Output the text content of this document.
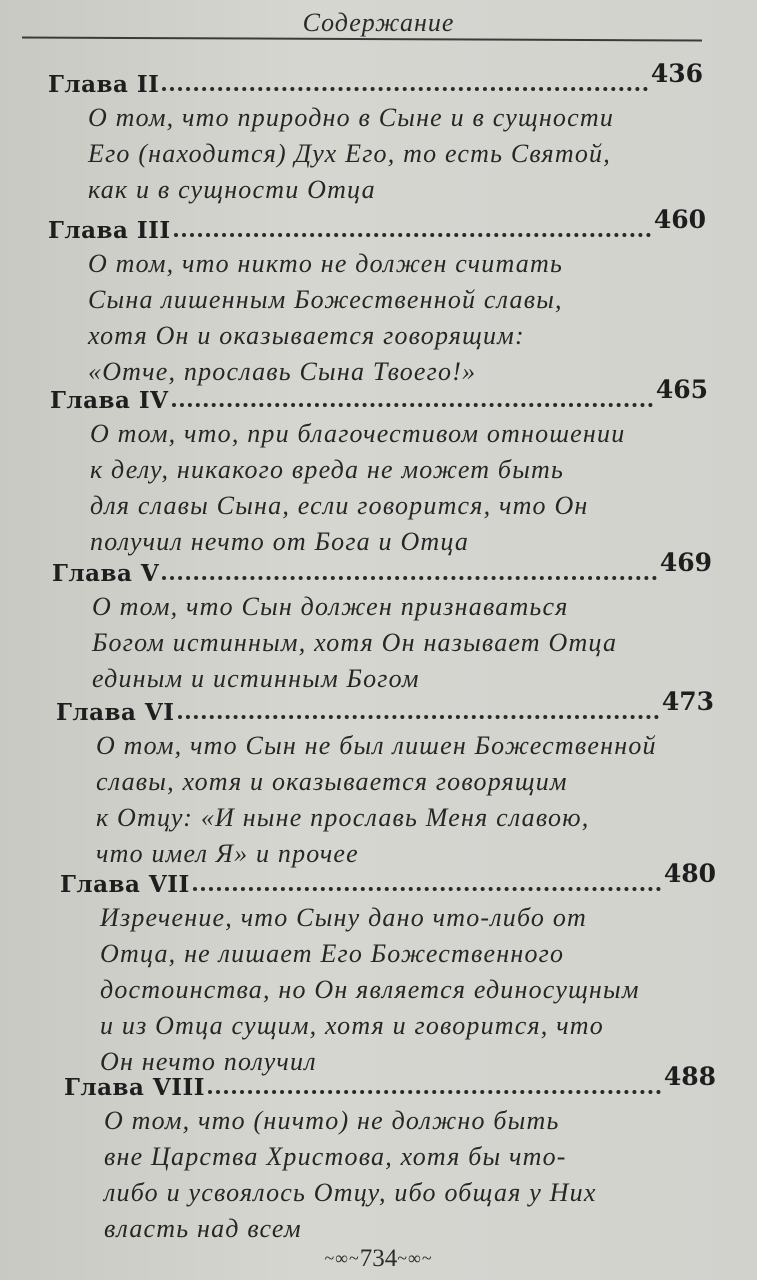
Содержание
Глава II	436
О том, что природно в Сыне и в сущности
Его (находится) Дух Его, то есть Святой,
как и в сущности Отца
Глава III	460
О том, что никто не должен считать
Сына лишенным Божественной славы,
хотя Он и оказывается говорящим:
«Отче, прославь Сына Твоего!»
Глава IV	465
О том, что, при благочестивом отношении
к делу, никакого вреда не может быть
для славы Сына, если говорится, что Он
получил нечто от Бога и Отца
Глава V	469
О том, что Сын должен признаваться
Богом истинным, хотя Он называет Отца
единым и истинным Богом
Глава VI	473
О том, что Сын не был лишен Божественной
славы, хотя и оказывается говорящим
к Отцу: «И ныне прославь Меня славою,
что имел Я» и прочее
Глава VII	480
Изречение, что Сыну дано что-либо от
Отца, не лишает Его Божественного
достоинства, но Он является единосущным
и из Отца сущим, хотя и говорится, что
Он нечто получил
Глава VIII	488
О том, что (ничто) не должно быть
вне Царства Христова, хотя бы что-
либо и усвоялось Отцу, ибо общая у Них
власть над всем
~∞~734~∞~
